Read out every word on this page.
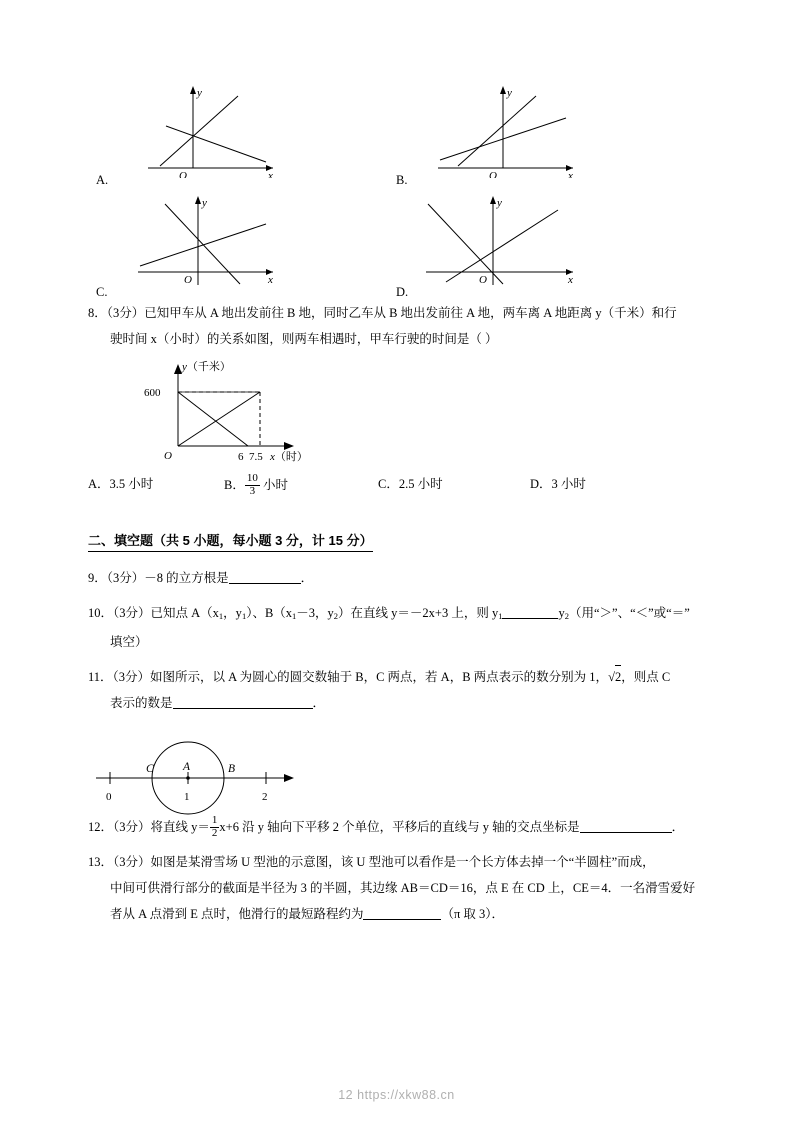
y
x
O
A.
y
x
O
B.
y
x
O
C.
y
x
O
D.
8．（3分）已知甲车从 A 地出发前往 B 地，同时乙车从 B 地出发前往 A 地，两车离 A 地距离 y（千米）和行
驶时间 x（小时）的关系如图，则两车相遇时，甲车行驶的时间是（ ）
y（千米）
600
O	6 7.5 x（时）
A．3.5 小时	B． $\frac{10}{3}$ 小时	C．2.5 小时	D．3 小时
二、填空题（共 5 小题，每小题 3 分，计 15 分）
9．（3分）－8 的立方根是	．
10．（3分）已知点 $A(x_1$，$y_1$）、$B(x_1-3$，$y_2$）在直线 y＝－2x+3 上，则 $y_1$	$y_2$（用“＞”、“＜”或“＝”
填空）
11．（3分）如图所示，以 A 为圆心的圆交数轴于 B，C 两点，若 A，B 两点表示的数分别为 1，√
2，则点 C
表示的数是	．
C	A	B
0	1	2
12．（3分）将直线 $y= \frac{1}{2} x+6$ 沿 y 轴向下平移 2 个单位，平移后的直线与 y 轴的交点坐标是	．
13．（3分）如图是某滑雪场 U 型池的示意图，该 U 型池可以看作是一个长方体去掉一个“半圆柱”而成，
中间可供滑行部分的截面是半径为 3 的半圆，其边缘 AB＝CD＝16，点 E 在 CD 上，CE＝4．一名滑雪爱好
者从 A 点滑到 E 点时，他滑行的最短路程约为	（π 取 3）．
12 https://xkw88.cn
